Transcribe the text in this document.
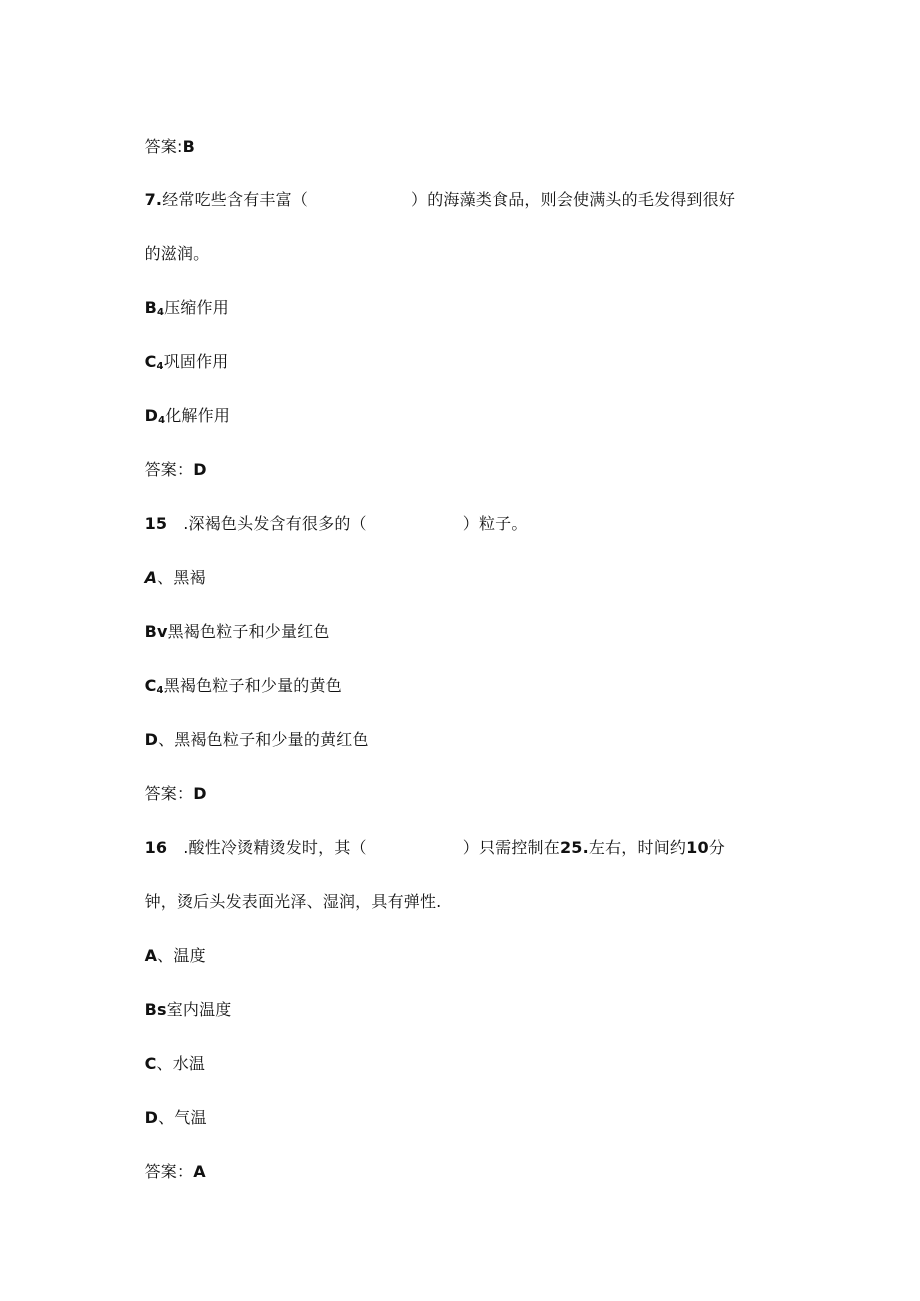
答案:B

7.经常吃些含有丰富（	）的海藻类食品，则会使满头的毛发得到很好

的滋润。

$B_4$压缩作用

$C_4$巩固作用

$D_4$化解作用

答案：D

15 .深褐色头发含有很多的（	）粒子。

A、黑褐

Bv黑褐色粒子和少量红色

$C_4$黑褐色粒子和少量的黄色

D、黑褐色粒子和少量的黄红色

答案：D

16 .酸性冷烫精烫发时，其（	）只需控制在25.左右，时间约10分

钟，烫后头发表面光泽、湿润，具有弹性.

A、温度

Bs室内温度

C、水温

D、气温

答案：A
